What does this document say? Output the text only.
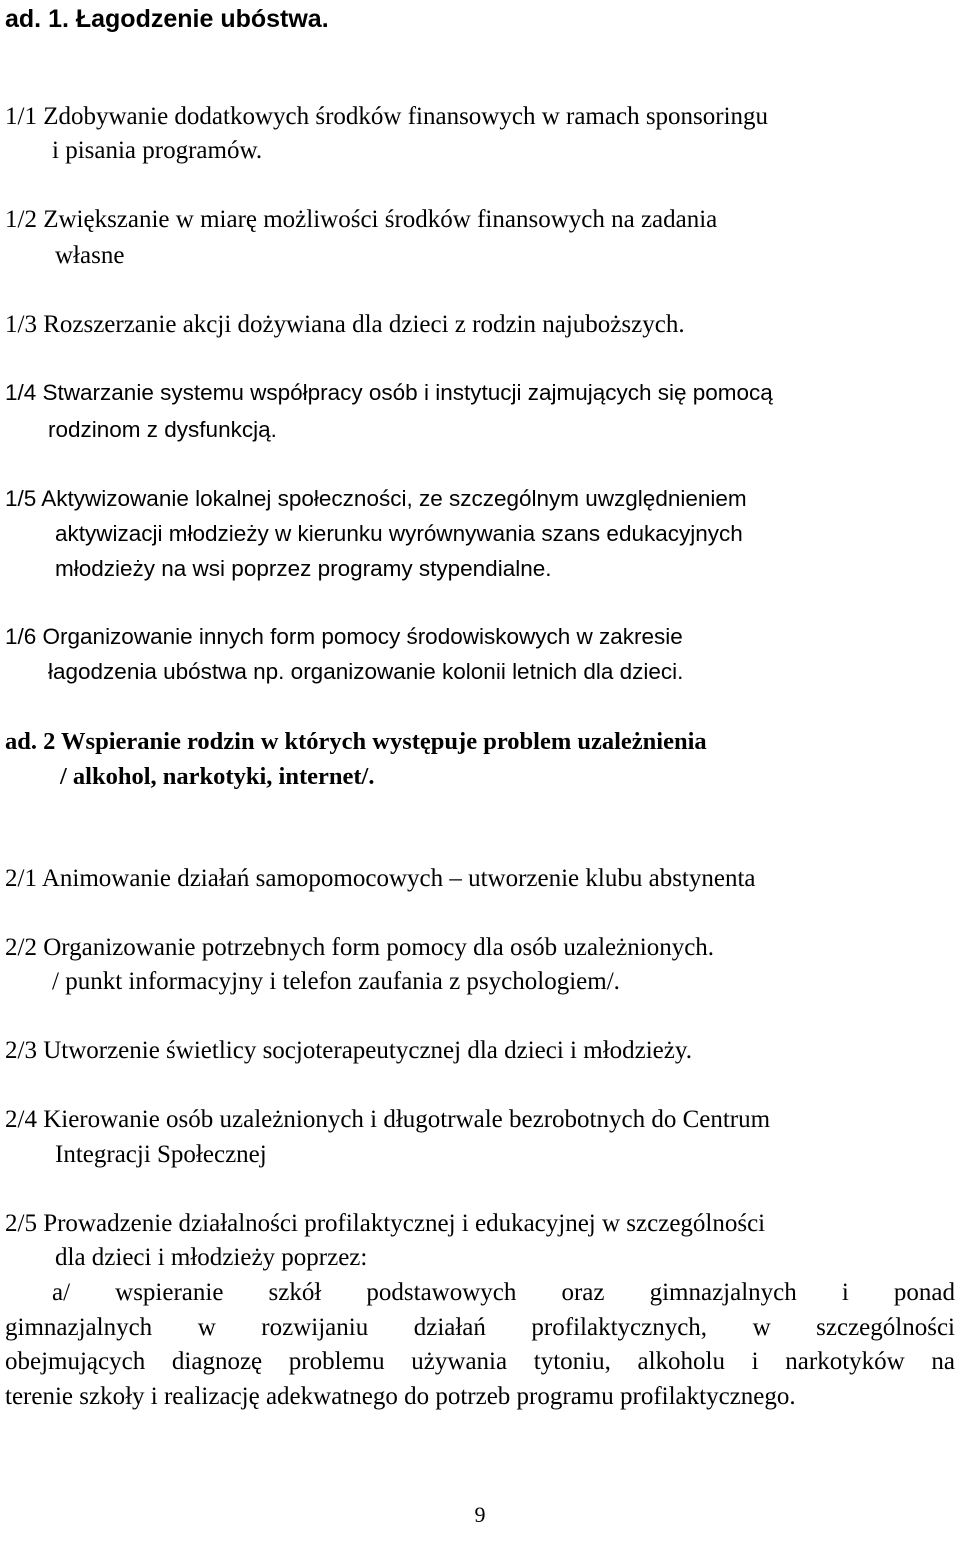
ad. 1. Łagodzenie ubóstwa.
1/1 Zdobywanie dodatkowych środków finansowych w ramach sponsoringu
i pisania programów.
1/2 Zwiększanie w miarę możliwości środków finansowych na zadania
własne
1/3 Rozszerzanie akcji dożywiana dla dzieci z rodzin najuboższych.
1/4 Stwarzanie systemu współpracy osób i instytucji zajmujących się pomocą
rodzinom z dysfunkcją.
1/5 Aktywizowanie lokalnej społeczności, ze szczególnym uwzględnieniem
aktywizacji młodzieży w kierunku wyrównywania szans edukacyjnych
młodzieży na wsi poprzez programy stypendialne.
1/6 Organizowanie innych form pomocy środowiskowych w zakresie
łagodzenia ubóstwa np. organizowanie kolonii letnich dla dzieci.
ad. 2 Wspieranie rodzin w których występuje problem uzależnienia
/ alkohol, narkotyki, internet/.
2/1 Animowanie działań samopomocowych – utworzenie klubu abstynenta
2/2 Organizowanie potrzebnych form pomocy dla osób uzależnionych.
/ punkt informacyjny i telefon zaufania z psychologiem/.
2/3 Utworzenie świetlicy socjoterapeutycznej dla dzieci i młodzieży.
2/4 Kierowanie osób uzależnionych i długotrwale bezrobotnych do Centrum
Integracji Społecznej
2/5 Prowadzenie działalności profilaktycznej i edukacyjnej w szczególności
dla dzieci i młodzieży poprzez:
a/ wspieranie szkół podstawowych oraz gimnazjalnych i ponad
gimnazjalnych w rozwijaniu działań profilaktycznych, w szczególności
obejmujących diagnozę problemu używania tytoniu, alkoholu i narkotyków na
terenie szkoły i realizację adekwatnego do potrzeb programu profilaktycznego.
9
